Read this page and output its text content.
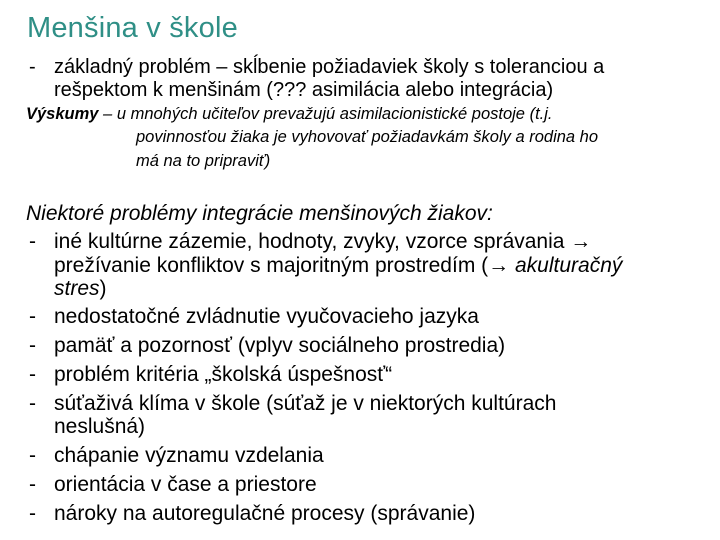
Menšina v škole
- základný problém – skĺbenie požiadaviek školy s toleranciou a
rešpektom k menšinám (??? asimilácia alebo integrácia)
Výskumy – u mnohých učiteľov prevažujú asimilacionistické postoje (t.j.
povinnosťou žiaka je vyhovovať požiadavkám školy a rodina ho
má na to pripraviť)
Niektoré problémy integrácie menšinových žiakov:
- iné kultúrne zázemie, hodnoty, zvyky, vzorce správania →
prežívanie konfliktov s majoritným prostredím (→ akulturačný
stres)
- nedostatočné zvládnutie vyučovacieho jazyka
- pamäť a pozornosť (vplyv sociálneho prostredia)
- problém kritéria „školská úspešnosť“
- súťaživá klíma v škole (súťaž je v niektorých kultúrach
neslušná)
- chápanie významu vzdelania
- orientácia v čase a priestore
- nároky na autoregulačné procesy (správanie)
